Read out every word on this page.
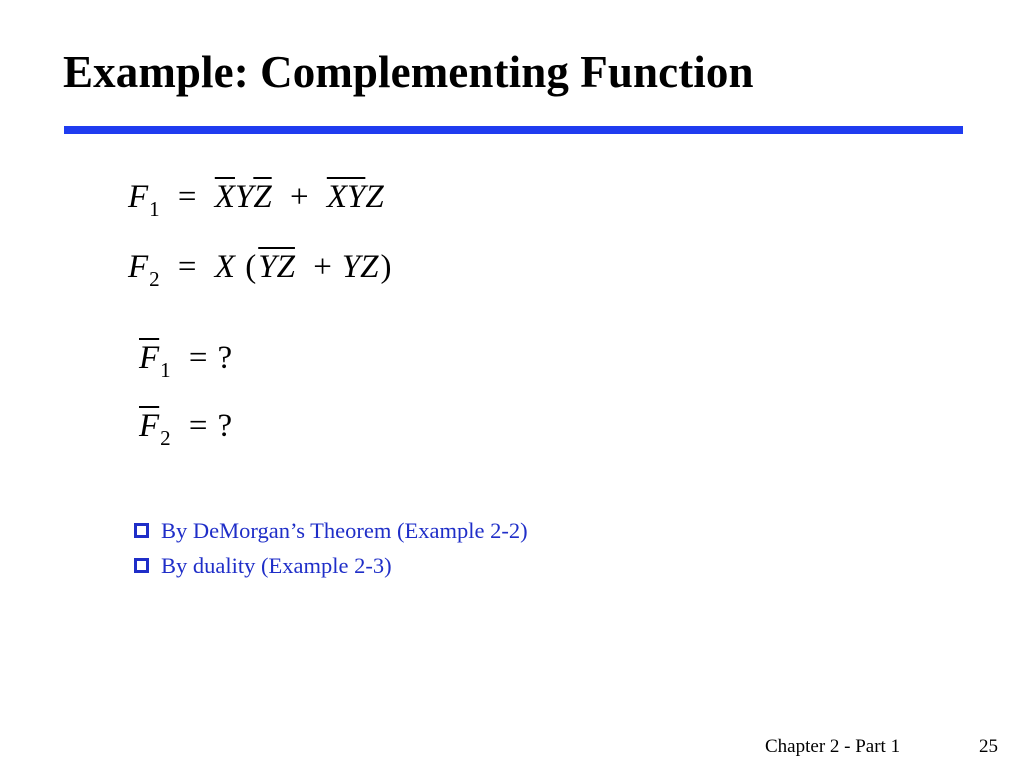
Example: Complementing Function
$F_1 = \overline{X}Y\overline{Z} + \overline{X}\overline{Y}Z$
$F_2 = X$ $(\overline{YZ} + YZ)$
$\overline{F}_1$ = ?
$\overline{F}_2$ = ?
By DeMorgan’s Theorem (Example 2-2)
By duality (Example 2-3)
Chapter 2 - Part 1	25
